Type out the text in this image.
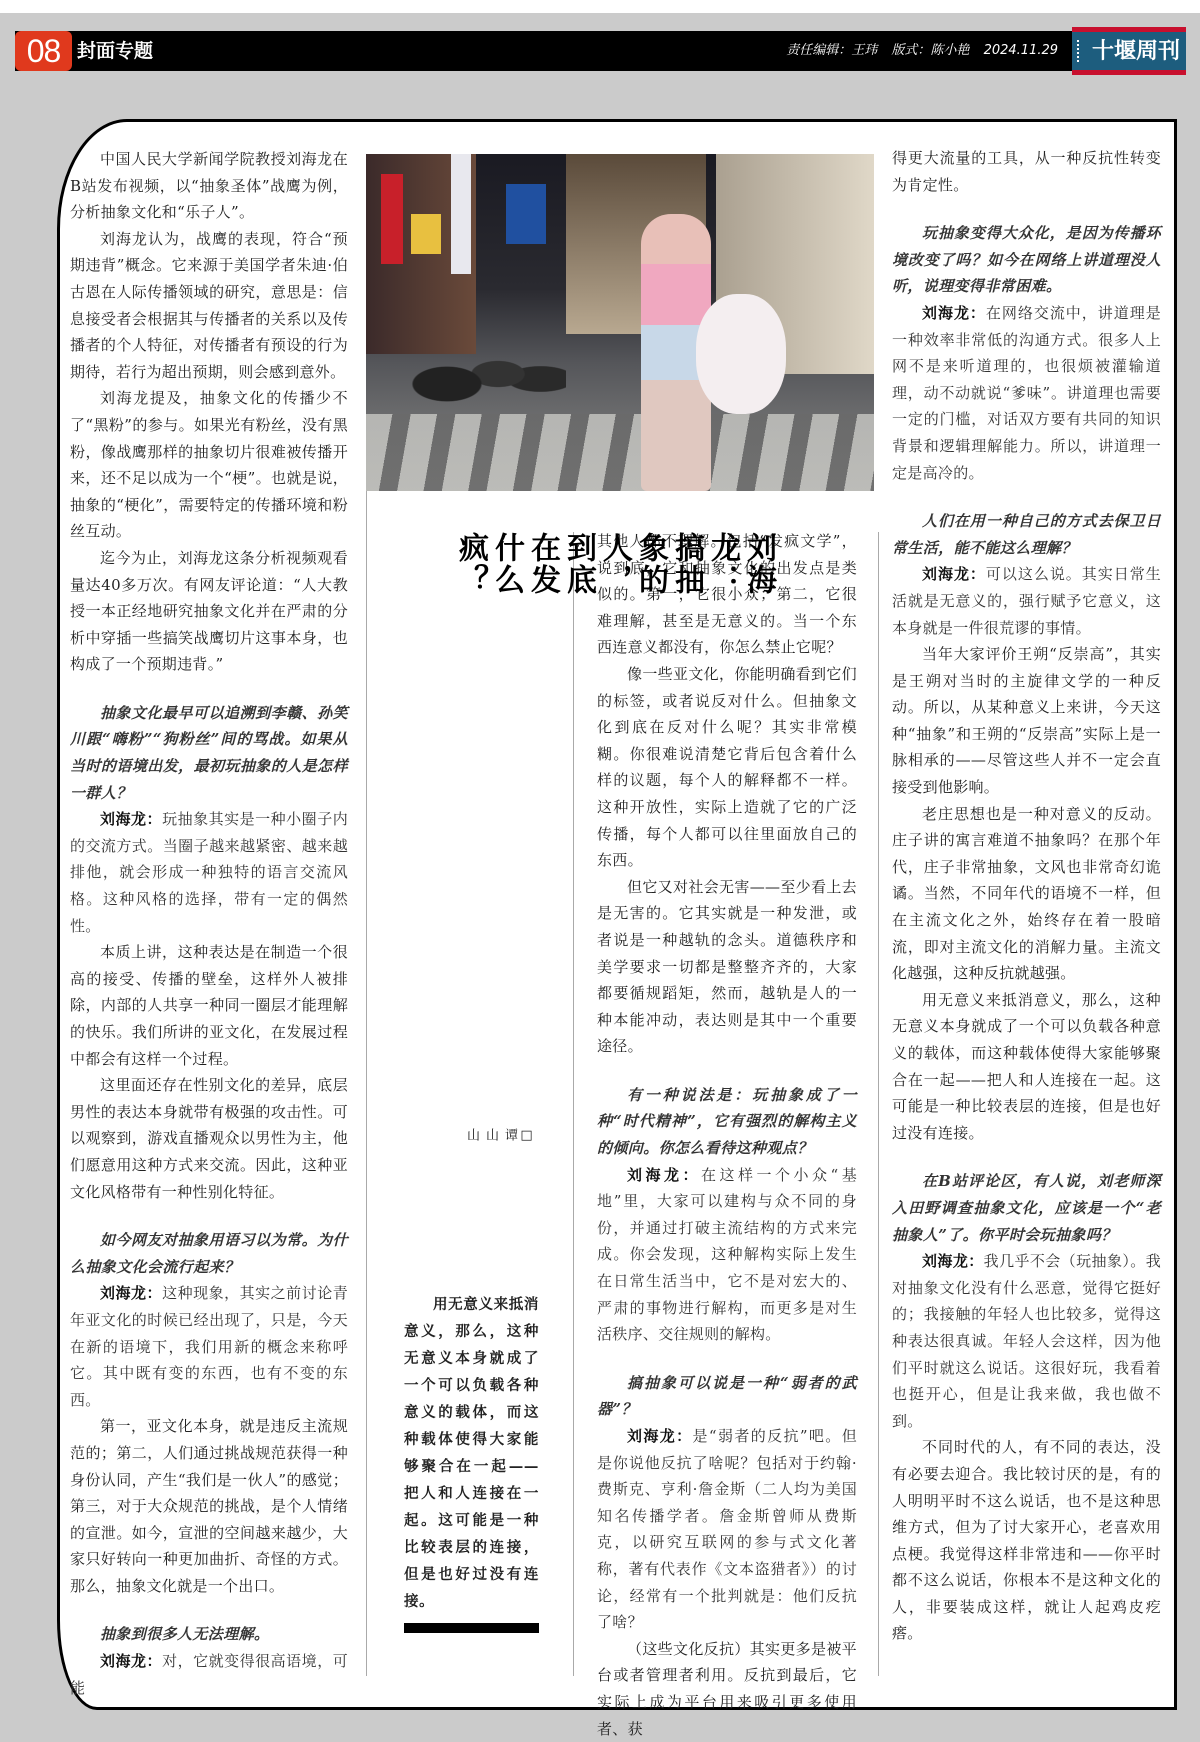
08 封面专题	责任编辑：王玮 版式：陈小艳 2024.11.29 十堰周刊

中国人民大学新闻学院教授刘海龙在B站发布视频，以“抽象圣体”战鹰为例，分析抽象文化和“乐子人”。

刘海龙认为，战鹰的表现，符合“预期违背”概念。它来源于美国学者朱迪·伯古恩在人际传播领域的研究，意思是：信息接受者会根据其与传播者的关系以及传播者的个人特征，对传播者有预设的行为期待，若行为超出预期，则会感到意外。

刘海龙提及，抽象文化的传播少不了“黑粉”的参与。如果光有粉丝，没有黑粉，像战鹰那样的抽象切片很难被传播开来，还不足以成为一个“梗”。也就是说，抽象的“梗化”，需要特定的传播环境和粉丝互动。

迄今为止，刘海龙这条分析视频观看量达40多万次。有网友评论道：“人大教授一本正经地研究抽象文化并在严肃的分析中穿插一些搞笑战鹰切片这事本身，也构成了一个预期违背。”

抽象文化最早可以追溯到李赣、孙笑川跟“嗨粉”“狗粉丝”间的骂战。如果从当时的语境出发，最初玩抽象的人是怎样一群人？

刘海龙：玩抽象其实是一种小圈子内的交流方式。当圈子越来越紧密、越来越排他，就会形成一种独特的语言交流风格。这种风格的选择，带有一定的偶然性。

本质上讲，这种表达是在制造一个很高的接受、传播的壁垒，这样外人被排除，内部的人共享一种同一圈层才能理解的快乐。我们所讲的亚文化，在发展过程中都会有这样一个过程。

这里面还存在性别文化的差异，底层男性的表达本身就带有极强的攻击性。可以观察到，游戏直播观众以男性为主，他们愿意用这种方式来交流。因此，这种亚文化风格带有一种性别化特征。

如今网友对抽象用语习以为常。为什么抽象文化会流行起来？

刘海龙：这种现象，其实之前讨论青年亚文化的时候已经出现了，只是，今天在新的语境下，我们用新的概念来称呼它。其中既有变的东西，也有不变的东西。

第一，亚文化本身，就是违反主流规范的；第二，人们通过挑战规范获得一种身份认同，产生“我们是一伙人”的感觉；第三，对于大众规范的挑战，是个人情绪的宣泄。如今，宣泄的空间越来越少，大家只好转向一种更加曲折、奇怪的方式。那么，抽象文化就是一个出口。

抽象到很多人无法理解。

刘海龙：对，它就变得很高语境，可能

其他人都不理解。包括“发疯文学”，说到底，它和抽象文化的出发点是类似的。第一，它很小众；第二，它很难理解，甚至是无意义的。当一个东西连意义都没有，你怎么禁止它呢？

像一些亚文化，你能明确看到它们的标签，或者说反对什么。但抽象文化到底在反对什么呢？其实非常模糊。你很难说清楚它背后包含着什么样的议题，每个人的解释都不一样。这种开放性，实际上造就了它的广泛传播，每个人都可以往里面放自己的东西。

但它又对社会无害——至少看上去是无害的。它其实就是一种发泄，或者说是一种越轨的念头。道德秩序和美学要求一切都是整整齐齐的，大家都要循规蹈矩，然而，越轨是人的一种本能冲动，表达则是其中一个重要途径。

有一种说法是：玩抽象成了一种“时代精神”，它有强烈的解构主义的倾向。你怎么看待这种观点？

刘海龙：在这样一个小众“基地”里，大家可以建构与众不同的身份，并通过打破主流结构的方式来完成。你会发现，这种解构实际上发生在日常生活当中，它不是对宏大的、严肃的事物进行解构，而更多是对生活秩序、交往规则的解构。

搞抽象可以说是一种“弱者的武器”？

刘海龙：是“弱者的反抗”吧。但是你说他反抗了啥呢？包括对于约翰·费斯克、亨利·詹金斯（二人均为美国知名传播学者。詹金斯曾师从费斯克，以研究互联网的参与式文化著称，著有代表作《文本盗猎者》）的讨论，经常有一个批判就是：他们反抗了啥？

（这些文化反抗）其实更多是被平台或者管理者利用。反抗到最后，它实际上成为平台用来吸引更多使用者、获

得更大流量的工具，从一种反抗性转变为肯定性。

玩抽象变得大众化，是因为传播环境改变了吗？如今在网络上讲道理没人听，说理变得非常困难。

刘海龙：在网络交流中，讲道理是一种效率非常低的沟通方式。很多人上网不是来听道理的，也很烦被灌输道理，动不动就说“爹味”。讲道理也需要一定的门槛，对话双方要有共同的知识背景和逻辑理解能力。所以，讲道理一定是高冷的。

人们在用一种自己的方式去保卫日常生活，能不能这么理解？

刘海龙：可以这么说。其实日常生活就是无意义的，强行赋予它意义，这本身就是一件很荒谬的事情。

当年大家评价王朔“反崇高”，其实是王朔对当时的主旋律文学的一种反动。所以，从某种意义上来讲，今天这种“抽象”和王朔的“反崇高”实际上是一脉相承的——尽管这些人并不一定会直接受到他影响。

老庄思想也是一种对意义的反动。庄子讲的寓言难道不抽象吗？在那个年代，庄子非常抽象，文风也非常奇幻诡谲。当然，不同年代的语境不一样，但在主流文化之外，始终存在着一股暗流，即对主流文化的消解力量。主流文化越强，这种反抗就越强。

用无意义来抵消意义，那么，这种无意义本身就成了一个可以负载各种意义的载体，而这种载体使得大家能够聚合在一起——把人和人连接在一起。这可能是一种比较表层的连接，但是也好过没有连接。

在B站评论区，有人说，刘老师深入田野调查抽象文化，应该是一个“老抽象人”了。你平时会玩抽象吗？

刘海龙：我几乎不会（玩抽象）。我对抽象文化没有什么恶意，觉得它挺好的；我接触的年轻人也比较多，觉得这种表达很真诚。年轻人会这样，因为他们平时就这么说话。这很好玩，我看着也挺开心，但是让我来做，我也做不到。

不同时代的人，有不同的表达，没有必要去迎合。我比较讨厌的是，有的人明明平时不这么说话，也不是这种思维方式，但为了讨大家开心，老喜欢用点梗。我觉得这样非常违和——你平时都不这么说话，你根本不是这种文化的人，非要装成这样，就让人起鸡皮疙瘩。

刘海龙：搞抽象的人，到底在发什么疯？
□谭山山

用无意义来抵消意义，那么，这种无意义本身就成了一个可以负载各种意义的载体，而这种载体使得大家能够聚合在一起——把人和人连接在一起。这可能是一种比较表层的连接，但是也好过没有连接。
